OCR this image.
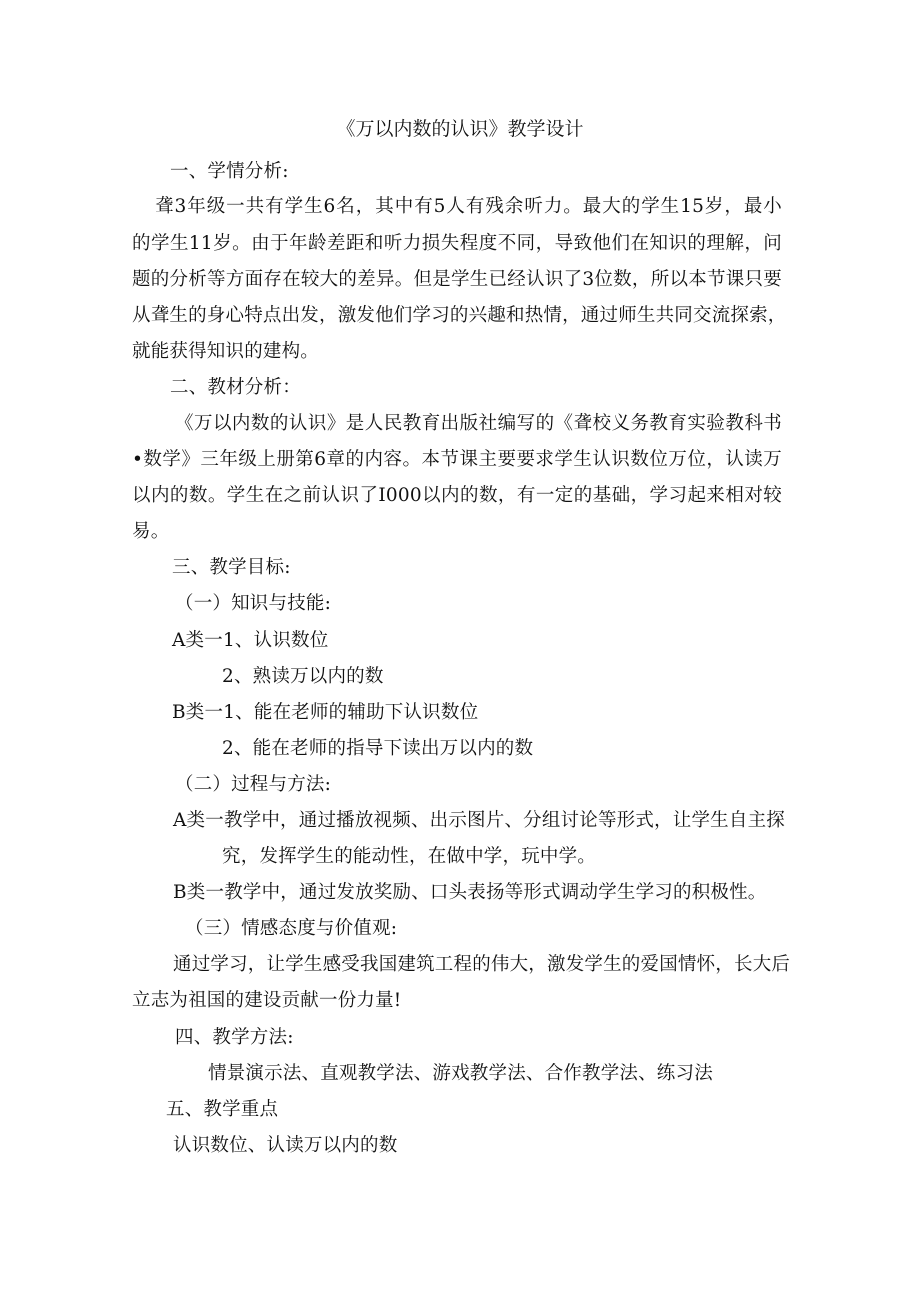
《万以内数的认识》教学设计
一、学情分析:
聋3年级一共有学生6名，其中有5人有残余听力。最大的学生15岁，最小
的学生11岁。由于年龄差距和听力损失程度不同，导致他们在知识的理解，问
题的分析等方面存在较大的差异。但是学生已经认识了3位数，所以本节课只要
从聋生的身心特点出发，激发他们学习的兴趣和热情，通过师生共同交流探索，
就能获得知识的建构。
二、教材分析：
《万以内数的认识》是人民教育出版社编写的《聋校义务教育实验教科书
•数学》三年级上册第6章的内容。本节课主要要求学生认识数位万位，认读万
以内的数。学生在之前认识了I000以内的数，有一定的基础，学习起来相对较
易。
三、教学目标:
（一）知识与技能:
A类一1、认识数位
2、熟读万以内的数
B类一1、能在老师的辅助下认识数位
2、能在老师的指导下读出万以内的数
（二）过程与方法:
A类一教学中，通过播放视频、出示图片、分组讨论等形式，让学生自主探
究，发挥学生的能动性，在做中学，玩中学。
B类一教学中，通过发放奖励、口头表扬等形式调动学生学习的积极性。
（三）情感态度与价值观:
通过学习，让学生感受我国建筑工程的伟大，激发学生的爱国情怀，长大后
立志为祖国的建设贡献一份力量!
四、教学方法:
情景演示法、直观教学法、游戏教学法、合作教学法、练习法
五、教学重点
认识数位、认读万以内的数
